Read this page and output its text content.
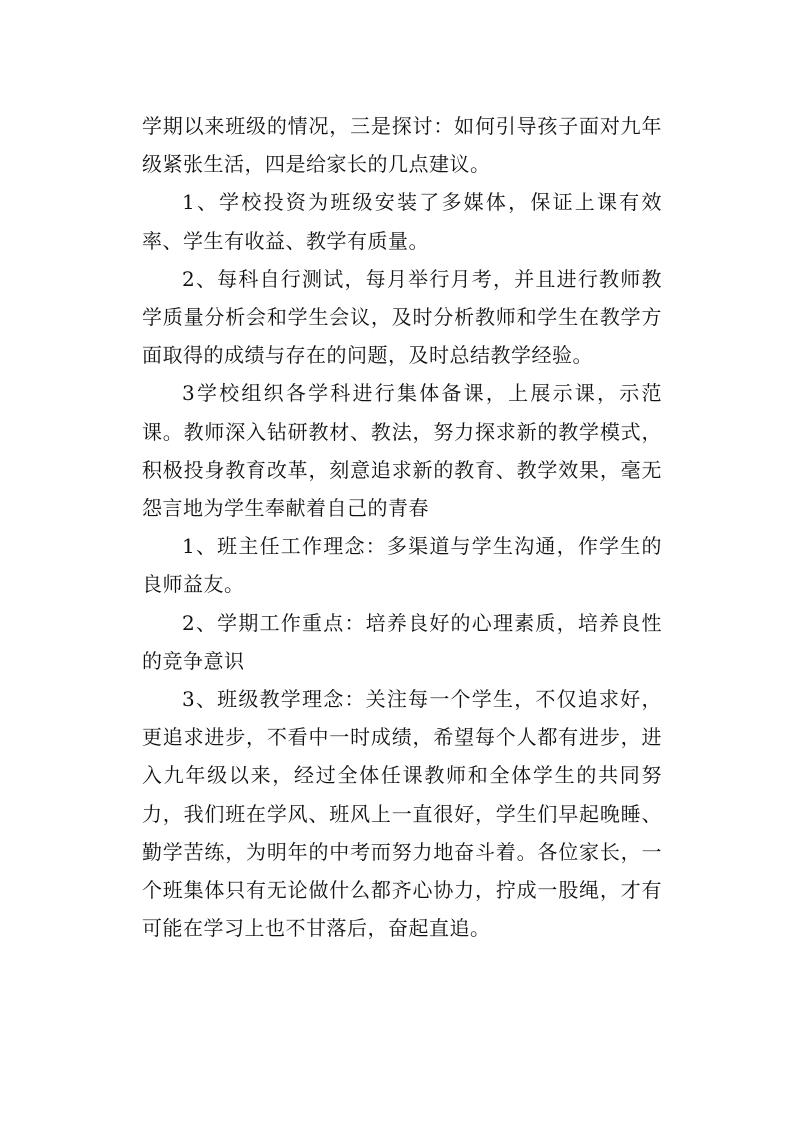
学期以来班级的情况，三是探讨：如何引导孩子面对九年级紧张生活，四是给家长的几点建议。

1、学校投资为班级安装了多媒体，保证上课有效率、学生有收益、教学有质量。

2、每科自行测试，每月举行月考，并且进行教师教学质量分析会和学生会议，及时分析教师和学生在教学方面取得的成绩与存在的问题，及时总结教学经验。

3学校组织各学科进行集体备课，上展示课，示范课。教师深入钻研教材、教法，努力探求新的教学模式，积极投身教育改革，刻意追求新的教育、教学效果，毫无怨言地为学生奉献着自己的青春

1、班主任工作理念：多渠道与学生沟通，作学生的良师益友。

2、学期工作重点：培养良好的心理素质，培养良性的竞争意识

3、班级教学理念：关注每一个学生，不仅追求好，更追求进步，不看中一时成绩，希望每个人都有进步，进入九年级以来，经过全体任课教师和全体学生的共同努力，我们班在学风、班风上一直很好，学生们早起晚睡、勤学苦练，为明年的中考而努力地奋斗着。各位家长，一个班集体只有无论做什么都齐心协力，拧成一股绳，才有可能在学习上也不甘落后，奋起直追。
